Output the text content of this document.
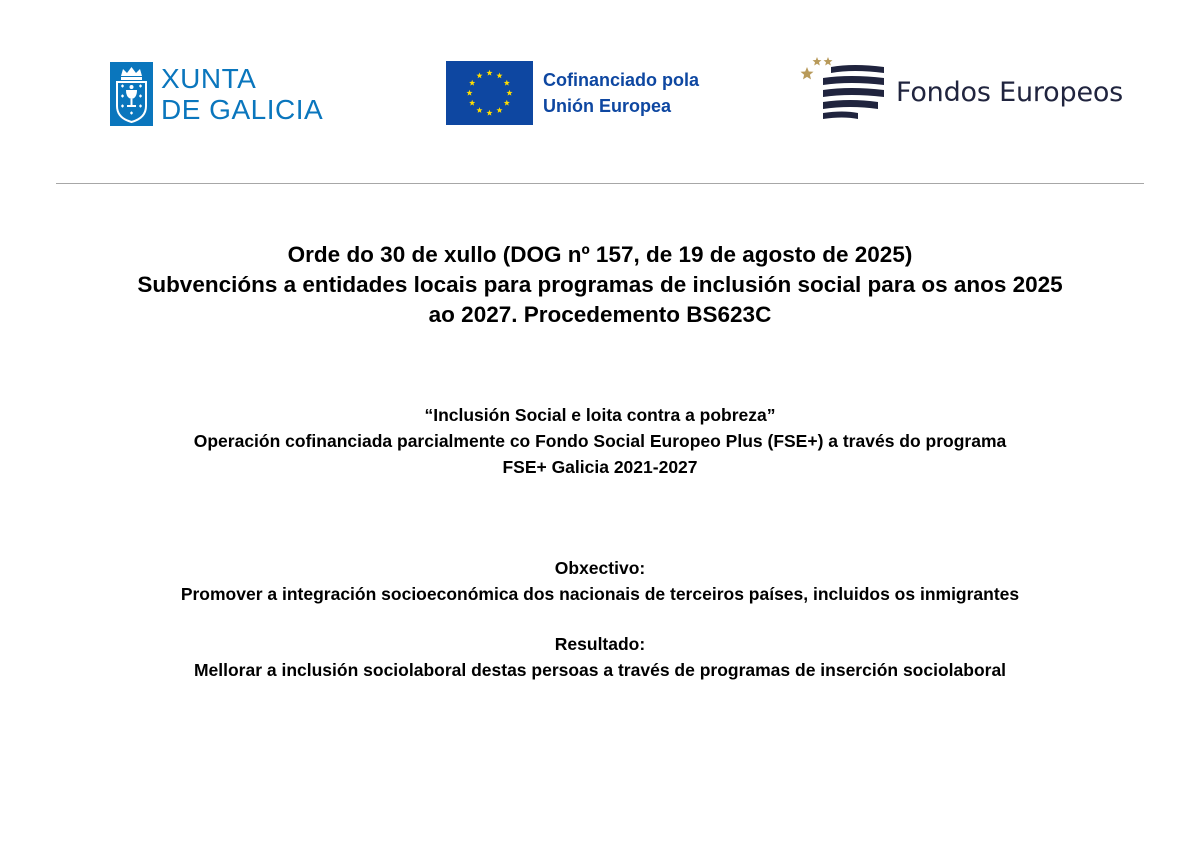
XUNTA
DE GALICIA
Cofinanciado pola
Unión Europea	Fondos Europeos
Orde do 30 de xullo (DOG nº 157, de 19 de agosto de 2025)
Subvencións a entidades locais para programas de inclusión social para os anos 2025
ao 2027. Procedemento BS623C
“Inclusión Social e loita contra a pobreza”
Operación cofinanciada parcialmente co Fondo Social Europeo Plus (FSE+) a través do programa
FSE+ Galicia 2021-2027
Obxectivo:
Promover a integración socioeconómica dos nacionais de terceiros países, incluidos os inmigrantes
Resultado:
Mellorar a inclusión sociolaboral destas persoas a través de programas de inserción sociolaboral
